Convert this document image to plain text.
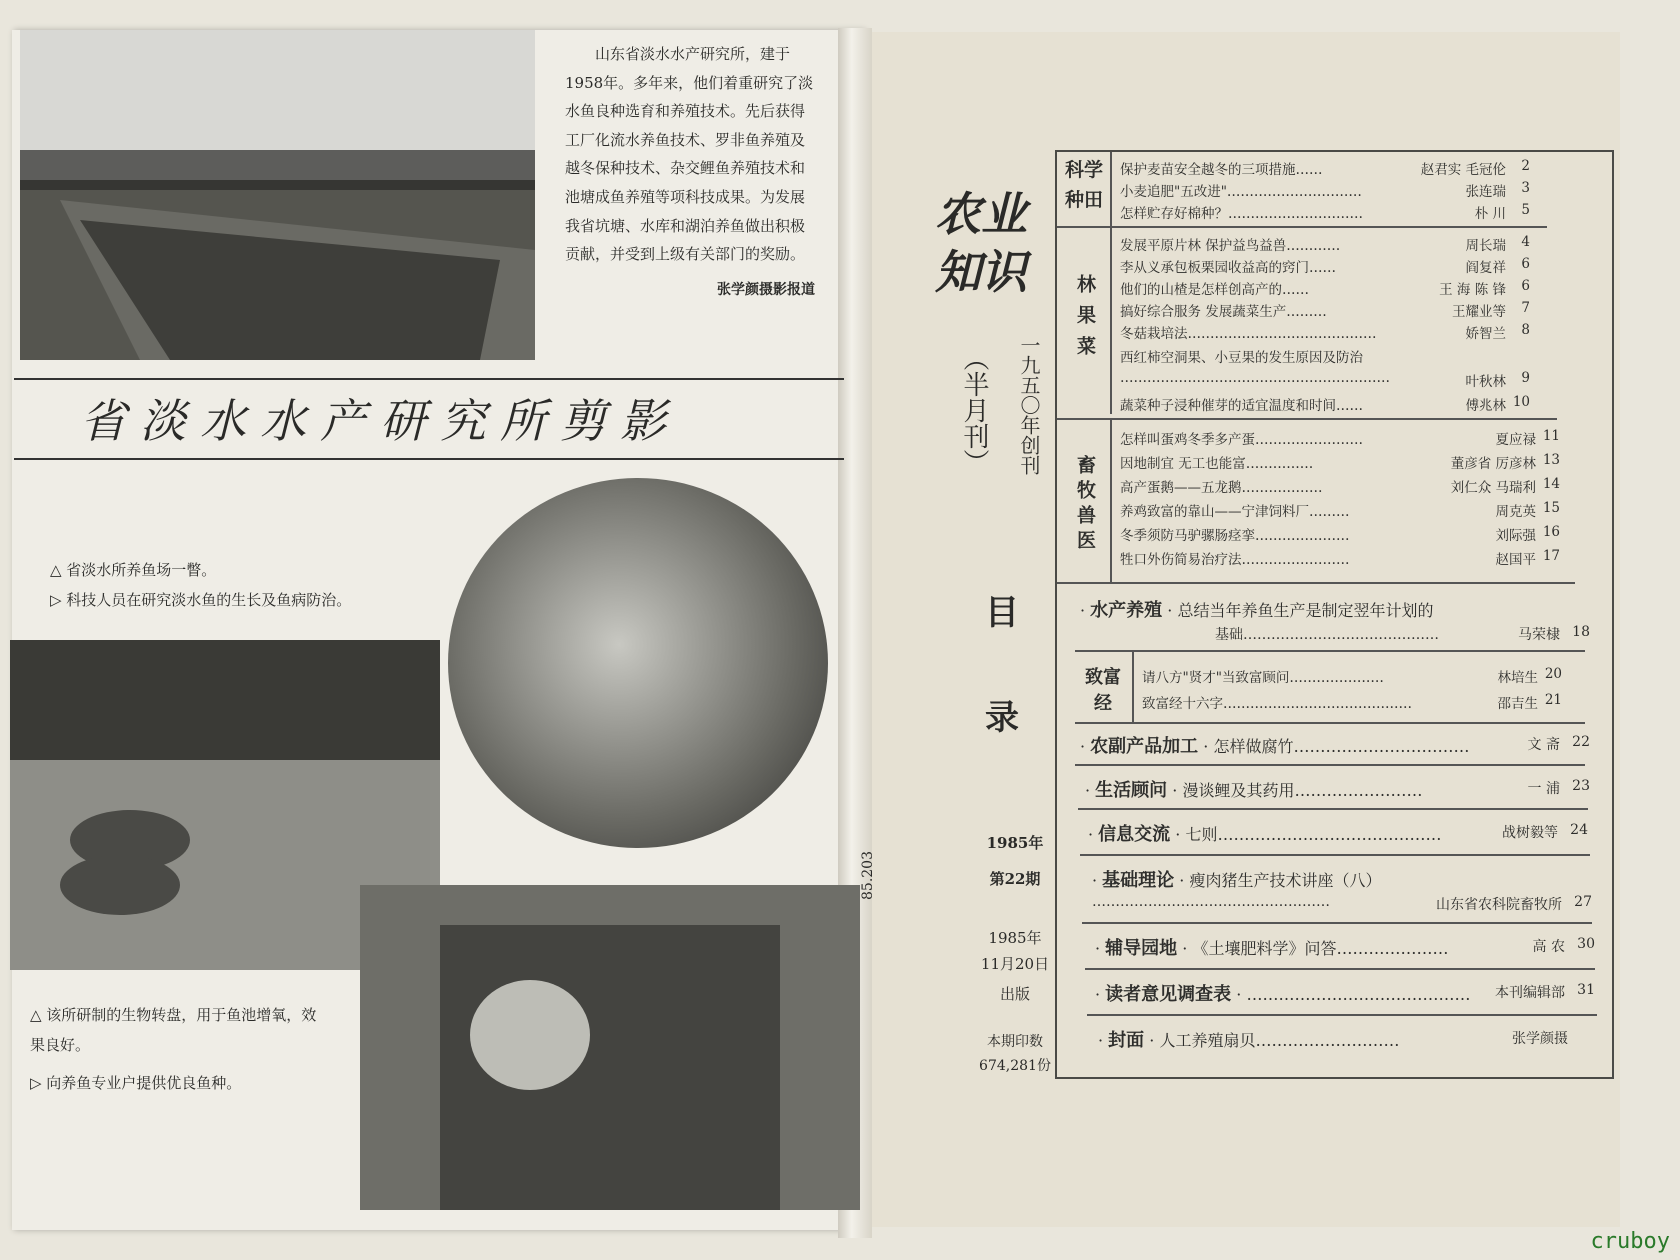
山东省淡水水产研究所，建于1958年。多年来，他们着重研究了淡水鱼良种选育和养殖技术。先后获得工厂化流水养鱼技术、罗非鱼养殖及越冬保种技术、杂交鲤鱼养殖技术和池塘成鱼养殖等项科技成果。为发展我省坑塘、水库和湖泊养鱼做出积极贡献，并受到上级有关部门的奖励。

张学颜摄影报道
省淡水水产研究所剪影
△ 省淡水所养鱼场一瞥。
▷ 科技人员在研究淡水鱼的生长及鱼病防治。
△ 该所研制的生物转盘，用于鱼池增氧，效果良好。
▷ 向养鱼专业户提供优良鱼种。
85.203
农业
知识
（半月刊） 一九五〇年创刊
目
录
1985年
第22期
1985年
11月20日
出版
本期印数
674,281份
科学种田
保护麦苗安全越冬的三项措施……	赵君实 毛冠伦	2
小麦追肥"五改进"…………………………	张连瑞	3
怎样贮存好棉种？…………………………	朴 川	5
林果菜
发展平原片林 保护益鸟益兽…………	周长瑞	4
李从义承包板栗园收益高的窍门……	阎复祥	6
他们的山楂是怎样创高产的……	王 海 陈 锋	6
搞好综合服务 发展蔬菜生产………	王耀业等	7
冬菇栽培法……………………………………	娇智兰	8
西红柿空洞果、小豆果的发生原因及防治
……………………………………………………	叶秋林	9
蔬菜种子浸种催芽的适宜温度和时间……	傅兆林 10
畜牧兽医
怎样叫蛋鸡冬季多产蛋……………………	夏应禄 11
因地制宜 无工也能富……………	董彦省 厉彦林 13
高产蛋鹅——五龙鹅………………	刘仁众 马瑞利 14
养鸡致富的靠山——宁津饲料厂………	周克英 15
冬季须防马驴骡肠痉挛…………………	刘际强 16
牲口外伤简易治疗法……………………	赵国平 17
· 水产养殖 · 总结当年养鱼生产是制定翌年计划的
基础……………………………………	马荣棣 18
致富经
请八方"贤才"当致富顾问…………………	林培生 20
致富经十六字……………………………………	邵吉生 21
· 农副产品加工 · 怎样做腐竹……………………………	文 斋 22
· 生活顾问 · 漫谈鲤及其药用……………………	一 浦 23
· 信息交流 · 七则……………………………………	战树毅等 24
· 基础理论 · 瘦肉猪生产技术讲座（八）
……………………………………………	山东省农科院畜牧所 27
· 辅导园地 · 《土壤肥料学》问答…………………	高 农 30
· 读者意见调查表 · …………………………………… 本刊编辑部 31
· 封面 · 人工养殖扇贝………………………	张学颜摄
cruboy
